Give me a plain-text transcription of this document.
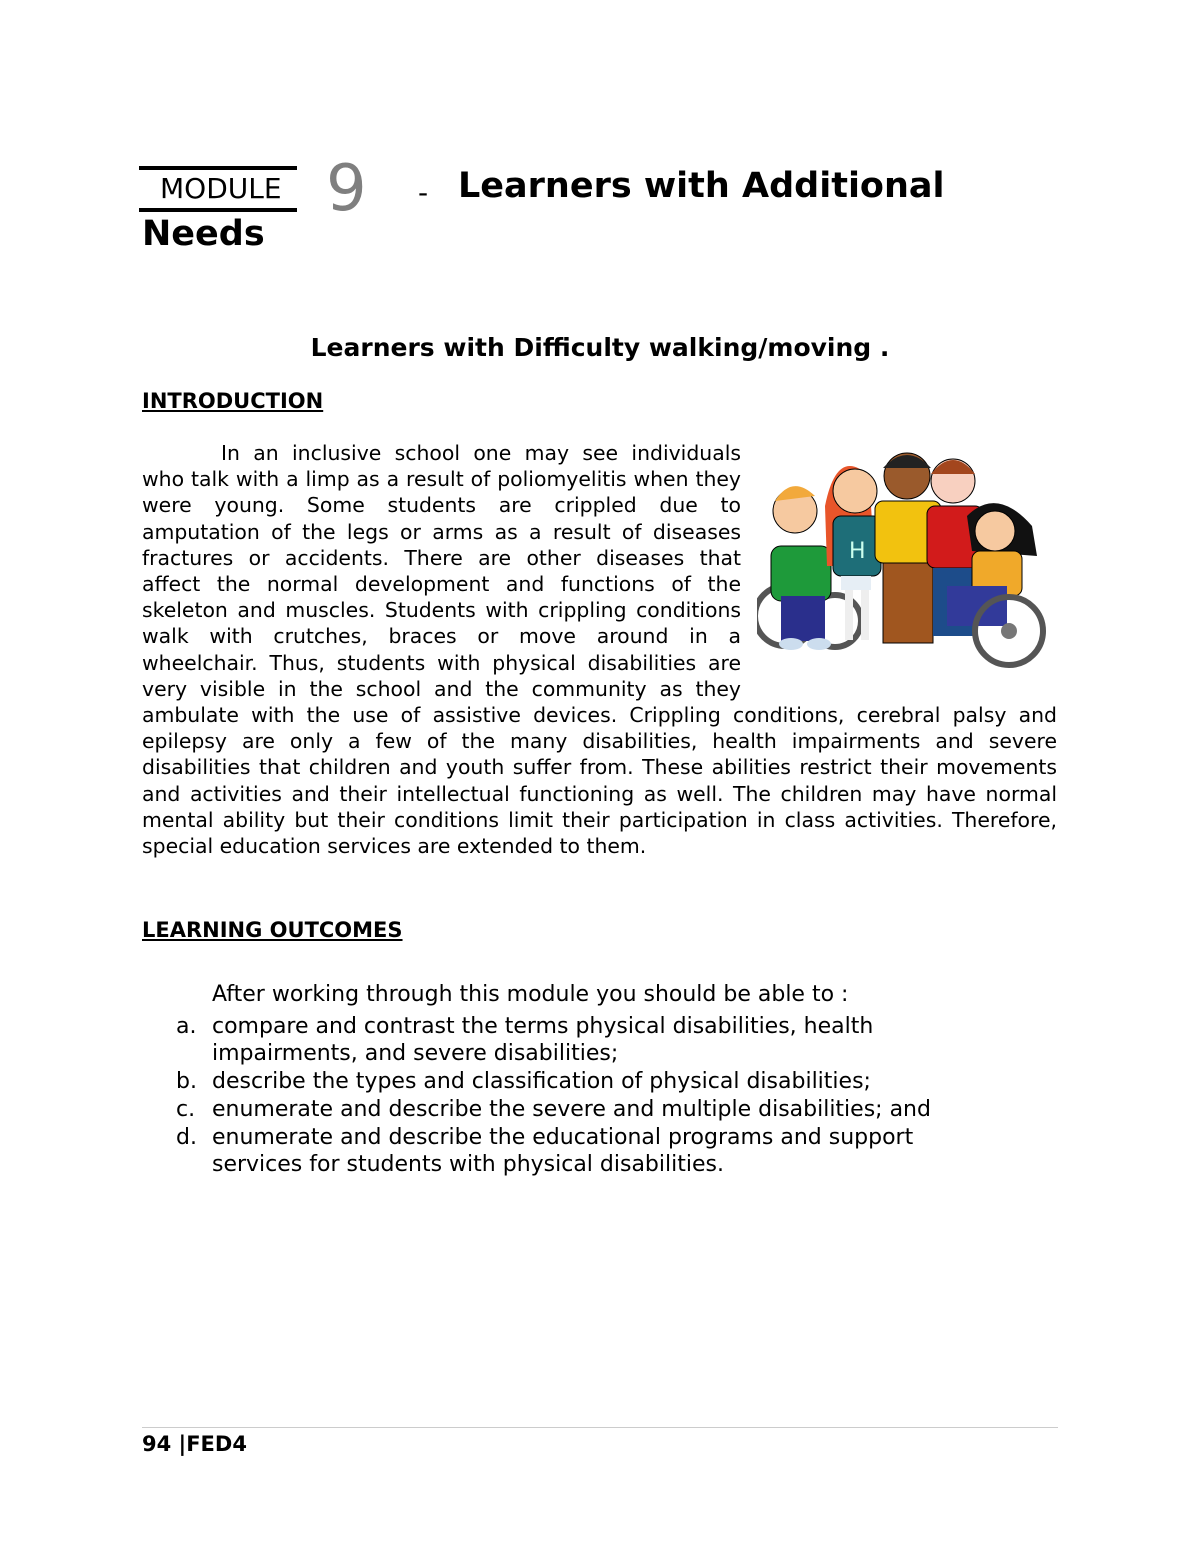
MODULE 9 - Learners with Additional
Needs
Learners with Difficulty walking/moving .
INTRODUCTION
H

In an inclusive school one may see individuals who talk with a limp as a result of poliomyelitis when they were young. Some students are crippled due to amputation of the legs or arms as a result of diseases fractures or accidents. There are other diseases that affect the normal development and functions of the skeleton and muscles. Students with crippling conditions walk with crutches, braces or move around in a wheelchair. Thus, students with physical disabilities are very visible in the school and the community as they ambulate with the use of assistive devices. Crippling conditions, cerebral palsy and epilepsy are only a few of the many disabilities, health impairments and severe disabilities that children and youth suffer from. These abilities restrict their movements and activities and their intellectual functioning as well. The children may have normal mental ability but their conditions limit their participation in class activities. Therefore, special education services are extended to them.

LEARNING OUTCOMES
After working through this module you should be able to :
a. compare and contrast the terms physical disabilities, health impairments, and severe disabilities;
b. describe the types and classification of physical disabilities;
c. enumerate and describe the severe and multiple disabilities; and
d. enumerate and describe the educational programs and support services for students with physical disabilities.
94 |FED4
